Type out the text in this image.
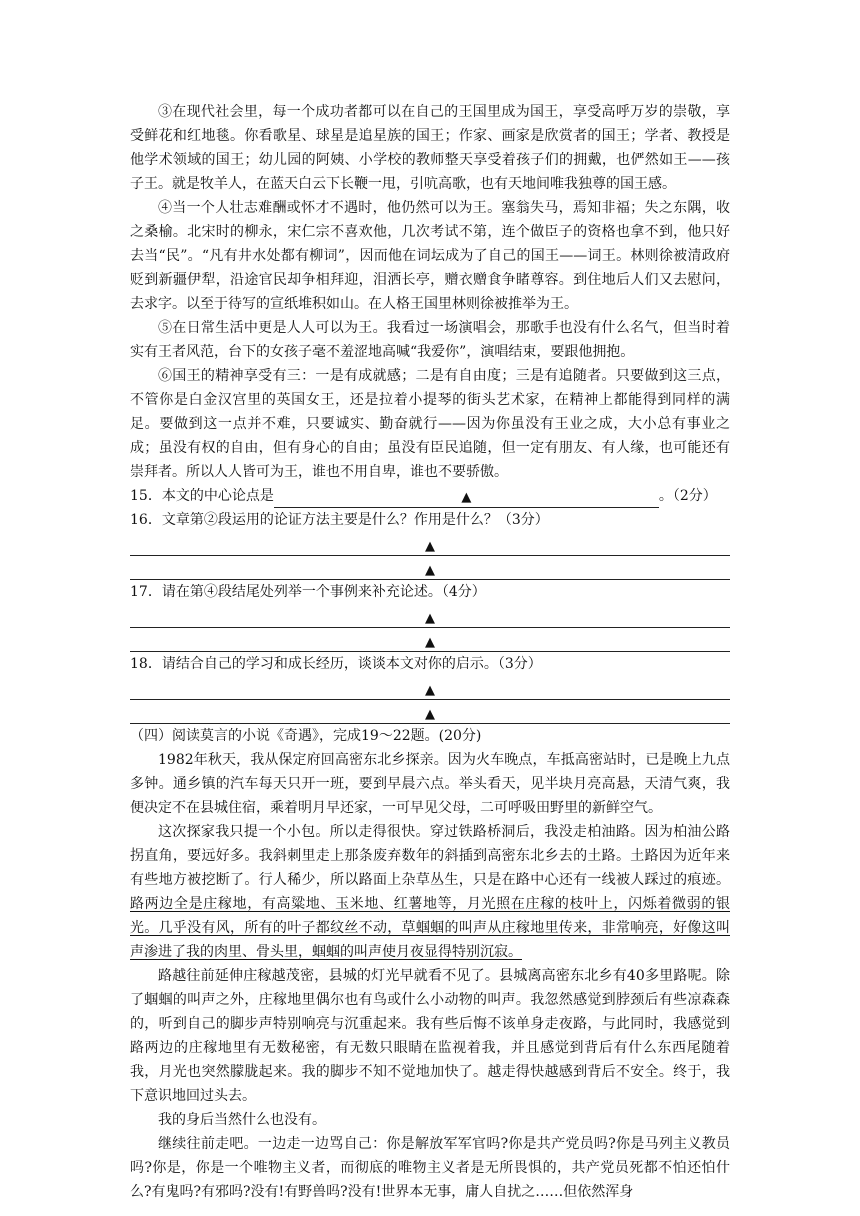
③在现代社会里，每一个成功者都可以在自己的王国里成为国王，享受高呼万岁的崇敬，享受鲜花和红地毯。你看歌星、球星是追星族的国王；作家、画家是欣赏者的国王；学者、教授是他学术领域的国王；幼儿园的阿姨、小学校的教师整天享受着孩子们的拥戴，也俨然如王——孩子王。就是牧羊人，在蓝天白云下长鞭一甩，引吭高歌，也有天地间唯我独尊的国王感。

④当一个人壮志难酬或怀才不遇时，他仍然可以为王。塞翁失马，焉知非福；失之东隅，收之桑榆。北宋时的柳永，宋仁宗不喜欢他，几次考试不第，连个做臣子的资格也拿不到，他只好去当“民”。“凡有井水处都有柳词”，因而他在词坛成为了自己的国王——词王。林则徐被清政府贬到新疆伊犁，沿途官民却争相拜迎，泪洒长亭，赠衣赠食争睹尊容。到住地后人们又去慰问，去求字。以至于待写的宣纸堆积如山。在人格王国里林则徐被推举为王。

⑤在日常生活中更是人人可以为王。我看过一场演唱会，那歌手也没有什么名气，但当时着实有王者风范，台下的女孩子毫不羞涩地高喊“我爱你”，演唱结束，要跟他拥抱。

⑥国王的精神享受有三：一是有成就感；二是有自由度；三是有追随者。只要做到这三点，不管你是白金汉宫里的英国女王，还是拉着小提琴的街头艺术家，在精神上都能得到同样的满足。要做到这一点并不难，只要诚实、勤奋就行——因为你虽没有王业之成，大小总有事业之成；虽没有权的自由，但有身心的自由；虽没有臣民追随，但一定有朋友、有人缘，也可能还有崇拜者。所以人人皆可为王，谁也不用自卑，谁也不要骄傲。

15．本文的中心论点是	▲	。（2分）

16．文章第②段运用的论证方法主要是什么？作用是什么？（3分）

▲
▲

17．请在第④段结尾处列举一个事例来补充论述。（4分）

▲
▲

18．请结合自己的学习和成长经历，谈谈本文对你的启示。（3分）

▲
▲

（四）阅读莫言的小说《奇遇》，完成19～22题。(20分)

1982年秋天，我从保定府回高密东北乡探亲。因为火车晚点，车抵高密站时，已是晚上九点多钟。通乡镇的汽车每天只开一班，要到早晨六点。举头看天，见半块月亮高悬，天清气爽，我便决定不在县城住宿，乘着明月早还家，一可早见父母，二可呼吸田野里的新鲜空气。

这次探家我只提一个小包。所以走得很快。穿过铁路桥洞后，我没走柏油路。因为柏油公路拐直角，要远好多。我斜刺里走上那条废弃数年的斜插到高密东北乡去的土路。土路因为近年来有些地方被挖断了。行人稀少，所以路面上杂草丛生，只是在路中心还有一线被人踩过的痕迹。路两边全是庄稼地，有高粱地、玉米地、红薯地等，月光照在庄稼的枝叶上，闪烁着微弱的银光。几乎没有风，所有的叶子都纹丝不动，草蝈蝈的叫声从庄稼地里传来，非常响亮，好像这叫声渗进了我的肉里、骨头里，蝈蝈的叫声使月夜显得特别沉寂。

路越往前延伸庄稼越茂密，县城的灯光早就看不见了。县城离高密东北乡有40多里路呢。除了蝈蝈的叫声之外，庄稼地里偶尔也有鸟或什么小动物的叫声。我忽然感觉到脖颈后有些凉森森的，听到自己的脚步声特别响亮与沉重起来。我有些后悔不该单身走夜路，与此同时，我感觉到路两边的庄稼地里有无数秘密，有无数只眼睛在监视着我，并且感觉到背后有什么东西尾随着我，月光也突然朦胧起来。我的脚步不知不觉地加快了。越走得快越感到背后不安全。终于，我下意识地回过头去。

我的身后当然什么也没有。

继续往前走吧。一边走一边骂自己：你是解放军军官吗?你是共产党员吗?你是马列主义教员吗?你是，你是一个唯物主义者，而彻底的唯物主义者是无所畏惧的，共产党员死都不怕还怕什么?有鬼吗?有邪吗?没有!有野兽吗?没有!世界本无事，庸人自扰之……但依然浑身
